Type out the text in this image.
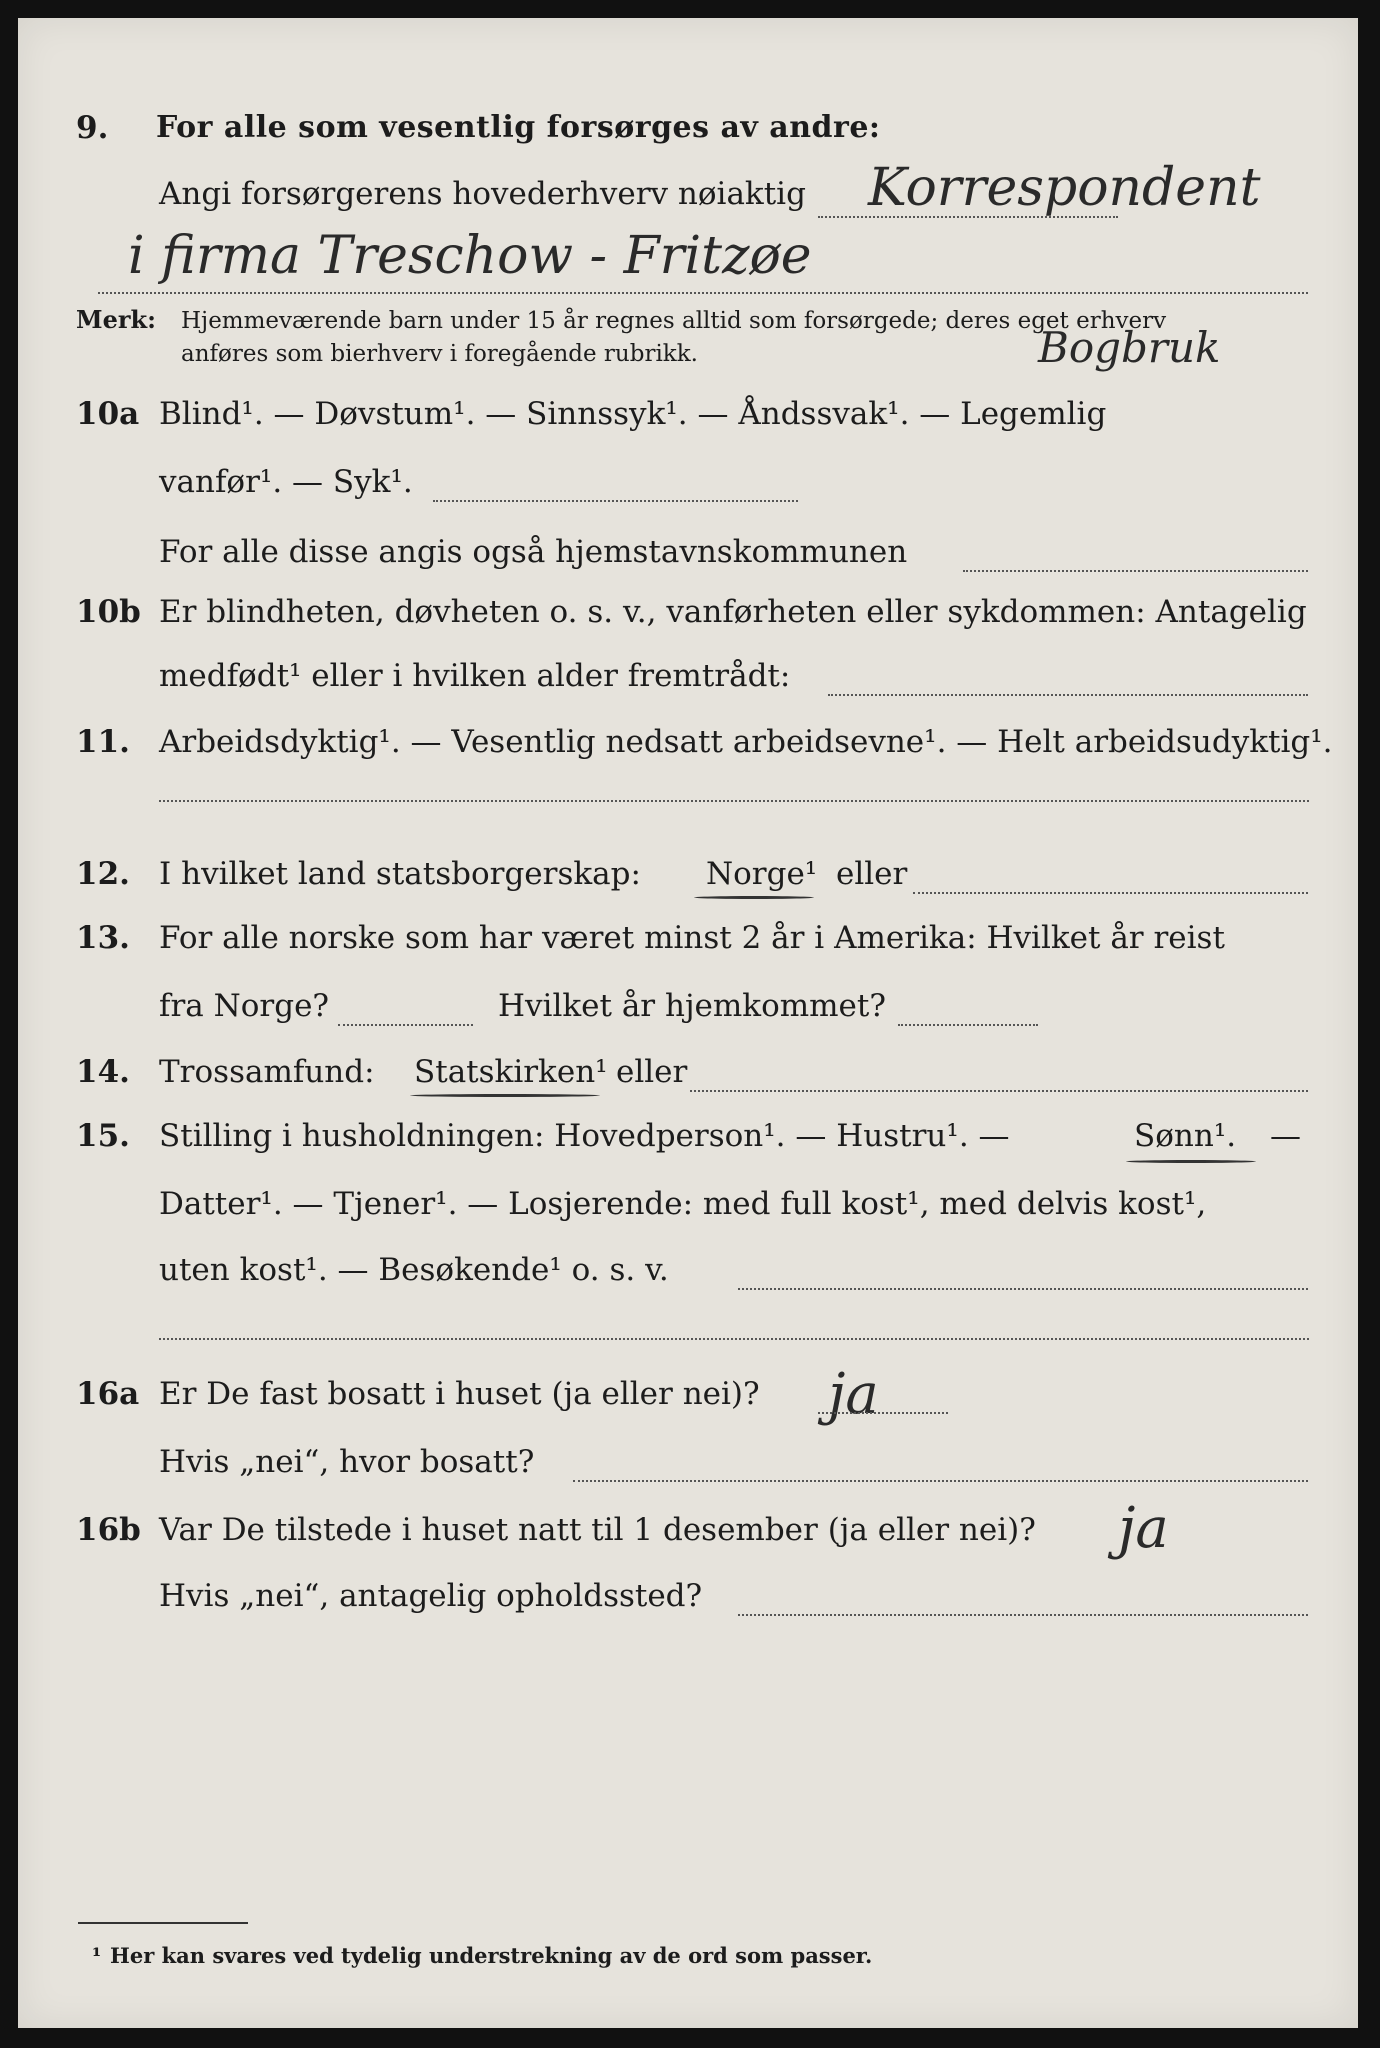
9. For alle som vesentlig forsørges av andre:
Angi forsørgerens hovederhverv nøiaktig Korrespondent
i firma Treschow - Fritzøe
Merk: Hjemmeværende barn under 15 år regnes alltid som forsørgede; deres eget erhverv
anføres som bierhverv i foregående rubrikk.	Bogbruk
10a Blind¹. — Døvstum¹. — Sinnssyk¹. — Åndssvak¹. — Legemlig
vanfør¹. — Syk¹.
For alle disse angis også hjemstavnskommunen
10b Er blindheten, døvheten o. s. v., vanførheten eller sykdommen: Antagelig
medfødt¹ eller i hvilken alder fremtrådt:
11. Arbeidsdyktig¹. — Vesentlig nedsatt arbeidsevne¹. — Helt arbeidsudyktig¹.
12. I hvilket land statsborgerskap: Norge¹ eller
13. For alle norske som har været minst 2 år i Amerika: Hvilket år reist
fra Norge?	Hvilket år hjemkommet?
14. Trossamfund: Statskirken¹ eller
15. Stilling i husholdningen: Hovedperson¹. — Hustru¹. —	Sønn¹. —
Datter¹. — Tjener¹. — Losjerende: med full kost¹, med delvis kost¹,
uten kost¹. — Besøkende¹ o. s. v.
16a Er De fast bosatt i huset (ja eller nei)? ja
Hvis „nei“, hvor bosatt?
16b Var De tilstede i huset natt til 1 desember (ja eller nei)? ja
Hvis „nei“, antagelig opholdssted?
¹ Her kan svares ved tydelig understrekning av de ord som passer.
